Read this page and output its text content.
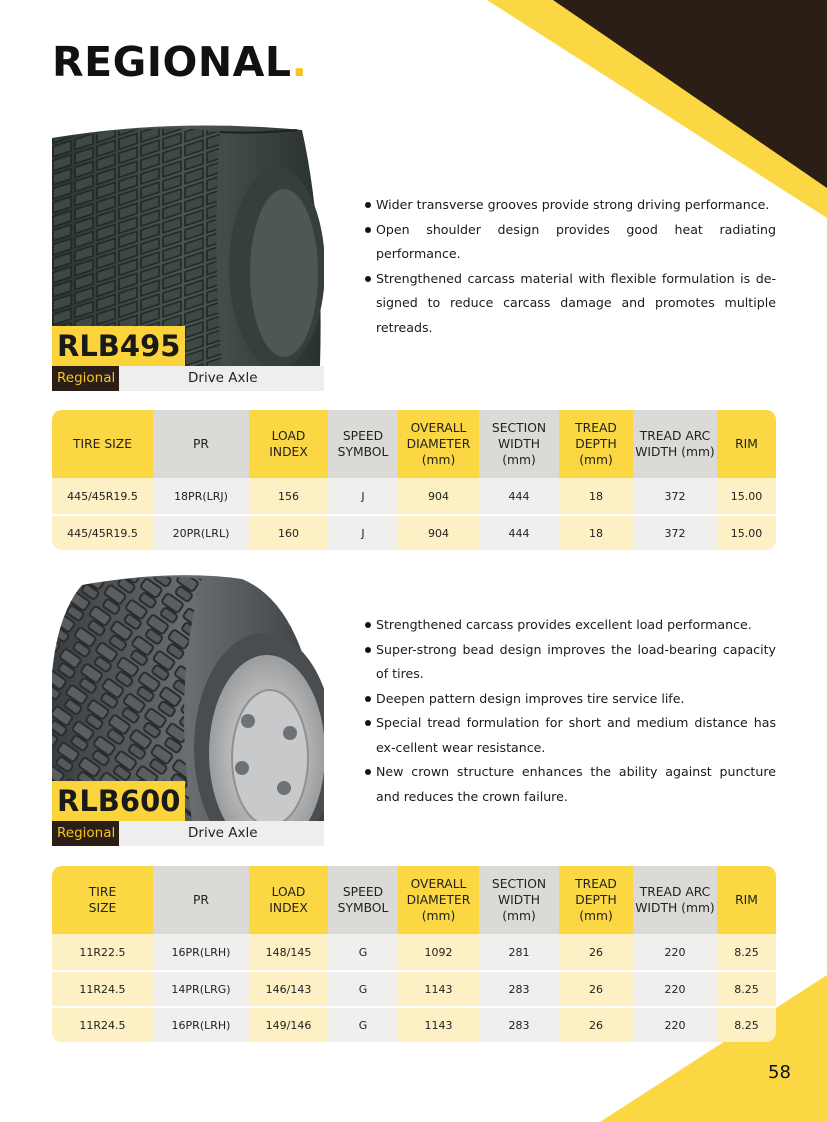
REGIONAL.
RLB495
Regional	Drive Axle
Wider transverse grooves provide strong driving performance.
Open shoulder design provides good heat radiating performance.
Strengthened carcass material with flexible formulation is de-signed to reduce carcass damage and promotes multiple retreads.
TIRE SIZE	PR	LOAD INDEX	SPEED SYMBOL	OVERALL DIAMETER (mm)	SECTION WIDTH (mm)	TREAD DEPTH (mm)	TREAD ARC WIDTH (mm)	RIM
445/45R19.5	18PR(LRJ)	156	J	904	444	18	372	15.00
445/45R19.5	20PR(LRL)	160	J	904	444	18	372	15.00
RLB600
Regional	Drive Axle
Strengthened carcass provides excellent load performance.
Super-strong bead design improves the load-bearing capacity of tires.
Deepen pattern design improves tire service life.
Special tread formulation for short and medium distance has ex-cellent wear resistance.
New crown structure enhances the ability against puncture and reduces the crown failure.
TIRE SIZE	PR	LOAD INDEX	SPEED SYMBOL	OVERALL DIAMETER (mm)	SECTION WIDTH (mm)	TREAD DEPTH (mm)	TREAD ARC WIDTH (mm)	RIM
11R22.5	16PR(LRH)	148/145	G	1092	281	26	220	8.25
11R24.5	14PR(LRG)	146/143	G	1143	283	26	220	8.25
11R24.5	16PR(LRH)	149/146	G	1143	283	26	220	8.25
58
